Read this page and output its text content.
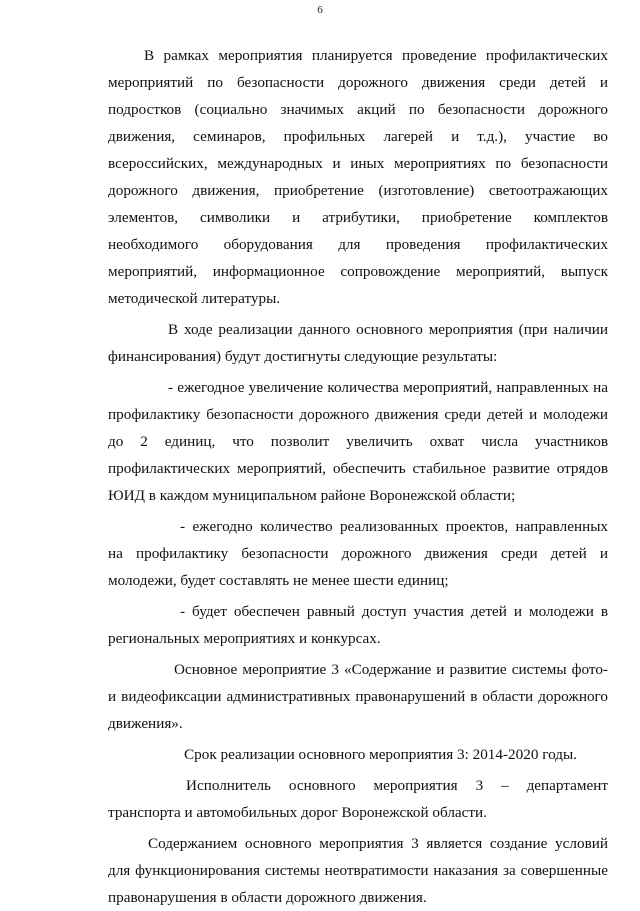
6

В рамках мероприятия планируется проведение профилактических мероприятий по безопасности дорожного движения среди детей и подростков (социально значимых акций по безопасности дорожного движения, семинаров, профильных лагерей и т.д.), участие во всероссийских, международных и иных мероприятиях по безопасности дорожного движения, приобретение (изготовление) светоотражающих элементов, символики и атрибутики, приобретение комплектов необходимого оборудования для проведения профилактических мероприятий, информационное сопровождение мероприятий, выпуск методической литературы.

В ходе реализации данного основного мероприятия (при наличии финансирования) будут достигнуты следующие результаты:

- ежегодное увеличение количества мероприятий, направленных на профилактику безопасности дорожного движения среди детей и молодежи до 2 единиц, что позволит увеличить охват числа участников профилактических мероприятий, обеспечить стабильное развитие отрядов ЮИД в каждом муниципальном районе Воронежской области;

- ежегодно количество реализованных проектов, направленных на профилактику безопасности дорожного движения среди детей и молодежи, будет составлять не менее шести единиц;

- будет обеспечен равный доступ участия детей и молодежи в региональных мероприятиях и конкурсах.

Основное мероприятие 3 «Содержание и развитие системы фото- и видеофиксации административных правонарушений в области дорожного движения».

Срок реализации основного мероприятия 3: 2014-2020 годы.

Исполнитель основного мероприятия 3 – департамент транспорта и автомобильных дорог Воронежской области.

Содержанием основного мероприятия 3 является создание условий для функционирования системы неотвратимости наказания за совершенные правонарушения в области дорожного движения.
